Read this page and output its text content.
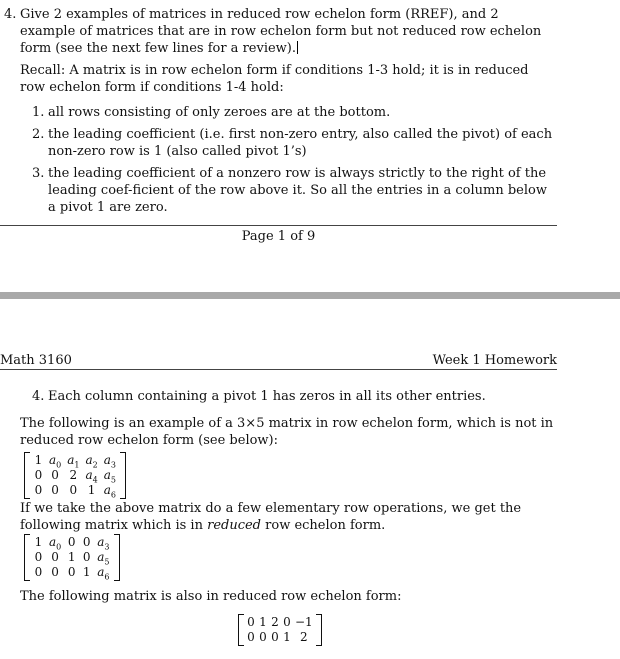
4. Give 2 examples of matrices in reduced row echelon form (RREF), and 2 example of matrices that are in row echelon form but not reduced row echelon form (see the next few lines for a review).
Recall: A matrix is in row echelon form if conditions 1-3 hold; it is in reduced row echelon form if conditions 1-4 hold:
1. all rows consisting of only zeroes are at the bottom.
2. the leading coefficient (i.e. first non-zero entry, also called the pivot) of each non-zero row is 1 (also called pivot 1’s)
3. the leading coefficient of a nonzero row is always strictly to the right of the leading coef-ficient of the row above it. So all the entries in a column below a pivot 1 are zero.
Page 1 of 9
Math 3160	Week 1 Homework
4. Each column containing a pivot 1 has zeros in all its other entries.
The following is an example of a 3×5 matrix in row echelon form, which is not in reduced row echelon form (see below):
1	$a_0$	$a_1$	$a_2$	$a_3$
0	0	2	$a_4$	$a_5$
0	0	0	1	$a_6$
If we take the above matrix do a few elementary row operations, we get the following matrix which is in reduced row echelon form.
1	$a_0$	0	0	$a_3$
0	0	1	0	$a_5$
0	0	0	1	$a_6$
The following matrix is also in reduced row echelon form:
0	1	2	0	−1
0	0	0	1	2
